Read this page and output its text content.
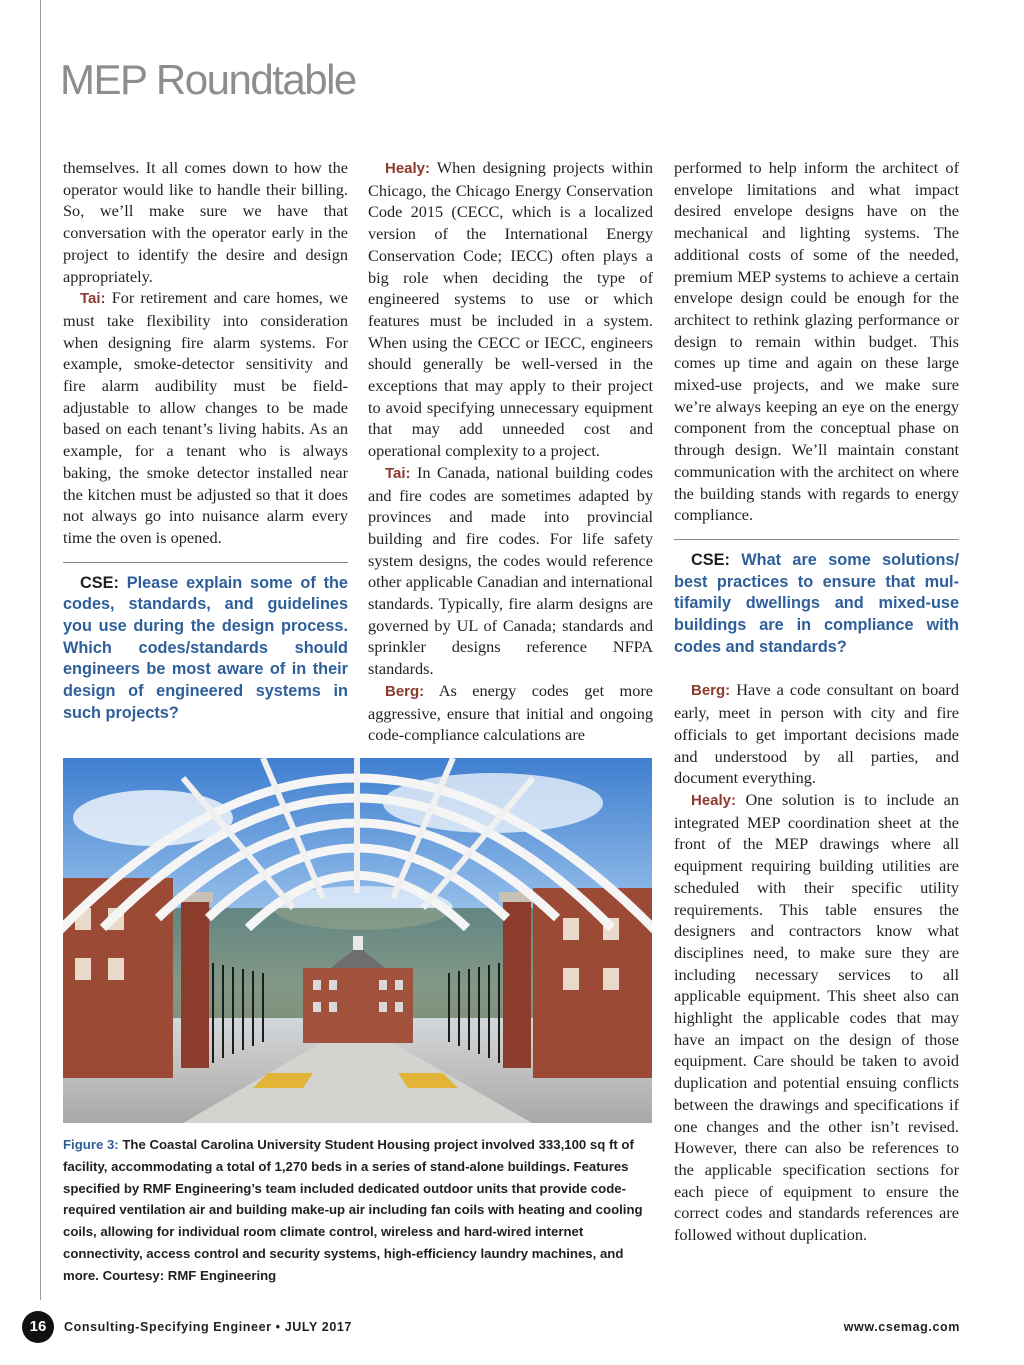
MEP Roundtable

themselves. It all comes down to how the operator would like to handle their billing. So, we’ll make sure we have that conversation with the operator early in the project to identify the desire and design appropriately.

Tai: For retirement and care homes, we must take flexibility into consideration when designing fire alarm systems. For example, smoke-detector sensitivity and fire alarm audibility must be field-adjustable to allow changes to be made based on each tenant’s living habits. As an example, for a tenant who is always baking, the smoke detector installed near the kitchen must be adjusted so that it does not always go into nuisance alarm every time the oven is opened.

CSE: Please explain some of the codes, standards, and guidelines you use during the design process. Which codes/standards should engineers be most aware of in their design of engineered systems in such projects?

Healy: When designing projects within Chicago, the Chicago Energy Conservation Code 2015 (CECC, which is a localized version of the International Energy Conservation Code; IECC) often plays a big role when deciding the type of engineered systems to use or which features must be included in a system. When using the CECC or IECC, engineers should generally be well-versed in the exceptions that may apply to their project to avoid specifying unnecessary equipment that may add unneeded cost and operational complexity to a project.

Tai: In Canada, national building codes and fire codes are sometimes adapted by provinces and made into provincial building and fire codes. For life safety system designs, the codes would reference other applicable Canadian and international standards. Typically, fire alarm designs are governed by UL of Canada; standards and sprinkler designs reference NFPA standards.

Berg: As energy codes get more aggressive, ensure that initial and ongoing code-compliance calculations are

performed to help inform the architect of envelope limitations and what impact desired envelope designs have on the mechanical and lighting systems. The additional costs of some of the needed, premium MEP systems to achieve a certain envelope design could be enough for the architect to rethink glazing performance or design to remain within budget. This comes up time and again on these large mixed-use projects, and we make sure we’re always keeping an eye on the energy component from the conceptual phase on through design. We’ll maintain constant communication with the architect on where the building stands with regards to energy compliance.

CSE: What are some solutions/ best practices to ensure that multifamily dwellings and mixed-use buildings are in compliance with codes and standards?

Berg: Have a code consultant on board early, meet in person with city and fire officials to get important decisions made and understood by all parties, and document everything.

Healy: One solution is to include an integrated MEP coordination sheet at the front of the MEP drawings where all equipment requiring building utilities are scheduled with their specific utility requirements. This table ensures the designers and contractors know what disciplines need, to make sure they are including necessary services to all applicable equipment. This sheet also can highlight the applicable codes that may have an impact on the design of those equipment. Care should be taken to avoid duplication and potential ensuing conflicts between the drawings and specifications if one changes and the other isn’t revised. However, there can also be references to the applicable specification sections for each piece of equipment to ensure the correct codes and standards references are followed without duplication.

Figure 3: The Coastal Carolina University Student Housing project involved 333,100 sq ft of facility, accommodating a total of 1,270 beds in a series of stand-alone buildings. Features specified by RMF Engineering’s team included dedicated outdoor units that provide code-required ventilation air and building make-up air including fan coils with heating and cooling coils, allowing for individual room climate control, wireless and hard-wired internet connectivity, access control and security systems, high-efficiency laundry machines, and more. Courtesy: RMF Engineering

16	Consulting-Specifying Engineer • JULY 2017	www.csemag.com
